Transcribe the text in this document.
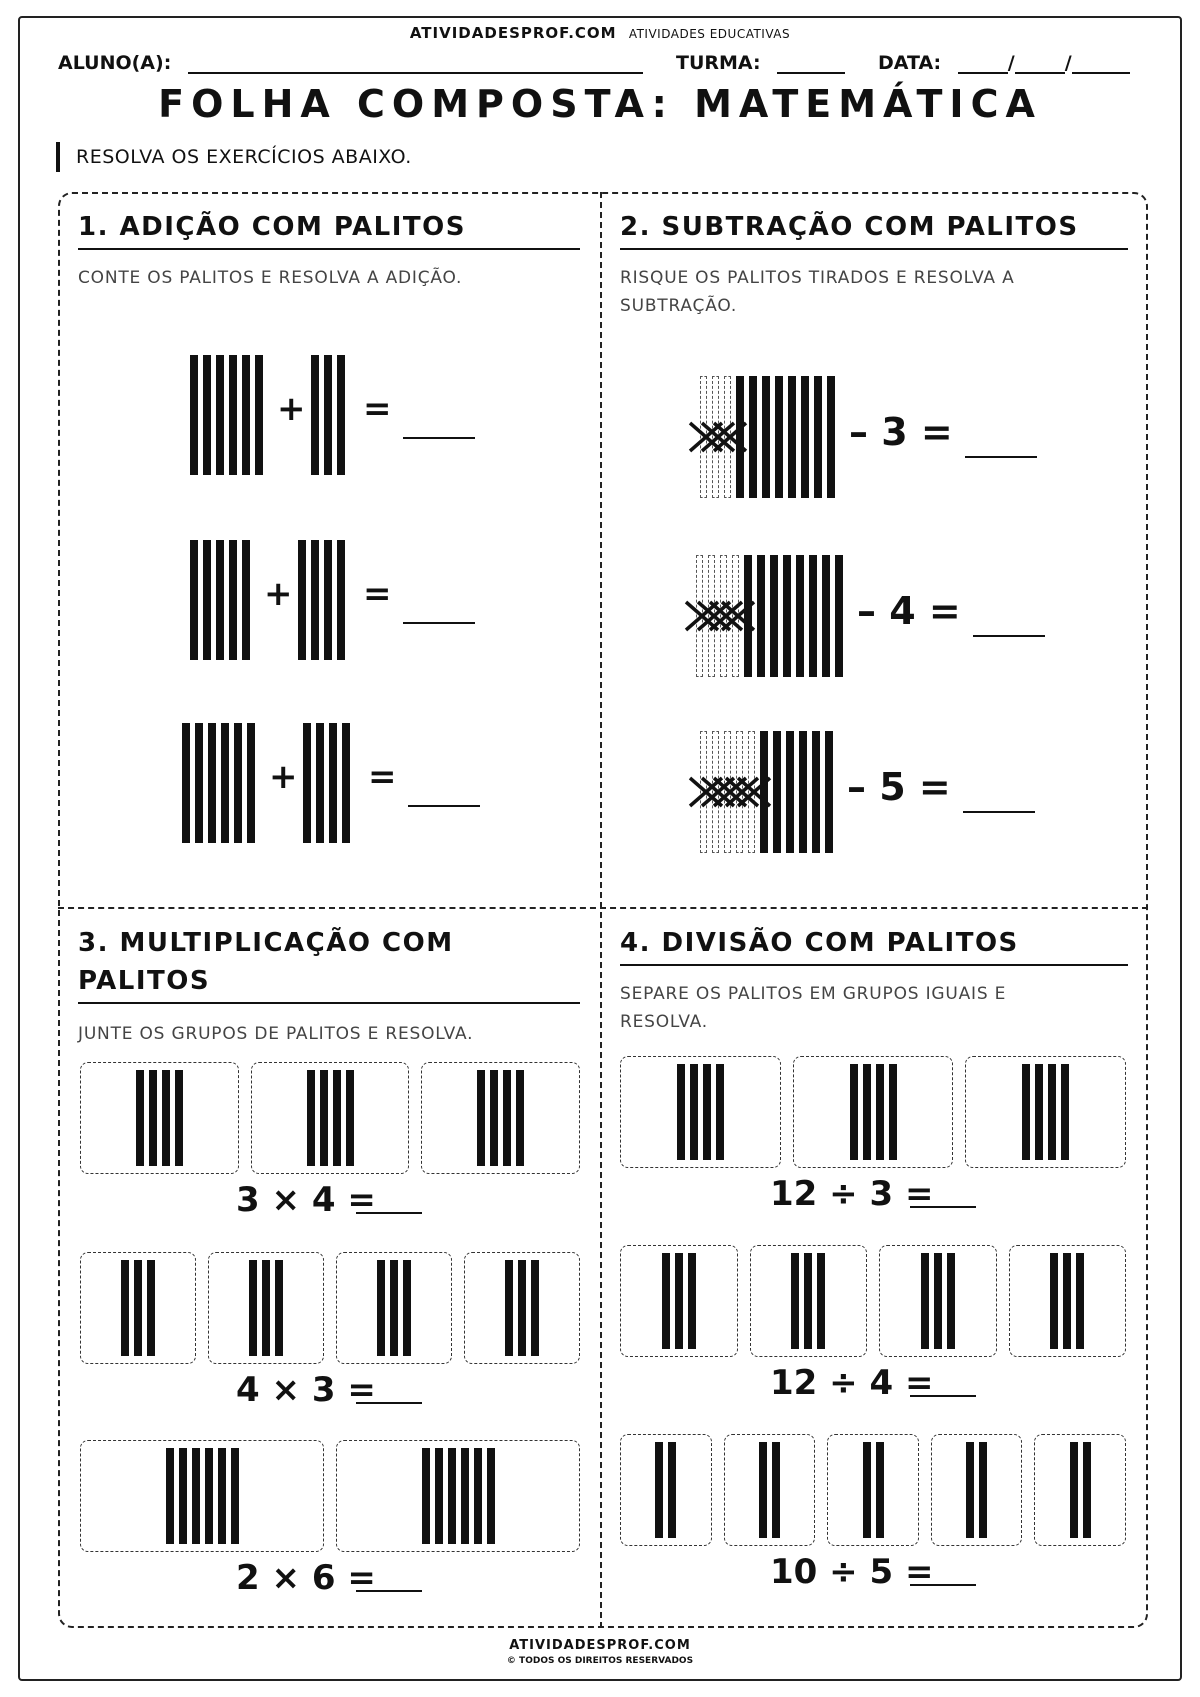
ATIVIDADESPROF.COM ATIVIDADES EDUCATIVAS
ALUNO(A):	TURMA:	DATA:	/	/
FOLHA COMPOSTA: MATEMÁTICA
RESOLVA OS EXERCÍCIOS ABAIXO.
1. ADIÇÃO COM PALITOS
CONTE OS PALITOS E RESOLVA A ADIÇÃO.
+ =
+ =
+ =
2. SUBTRAÇÃO COM PALITOS
RISQUE OS PALITOS TIRADOS E RESOLVA A SUBTRAÇÃO.
– 3 =
– 4 =
– 5 =
3. MULTIPLICAÇÃO COM
PALITOS
JUNTE OS GRUPOS DE PALITOS E RESOLVA.
3 × 4 =
4 × 3 =
2 × 6 =
4. DIVISÃO COM PALITOS
SEPARE OS PALITOS EM GRUPOS IGUAIS E RESOLVA.
12 ÷ 3 =
12 ÷ 4 =
10 ÷ 5 =
ATIVIDADESPROF.COM
© TODOS OS DIREITOS RESERVADOS
